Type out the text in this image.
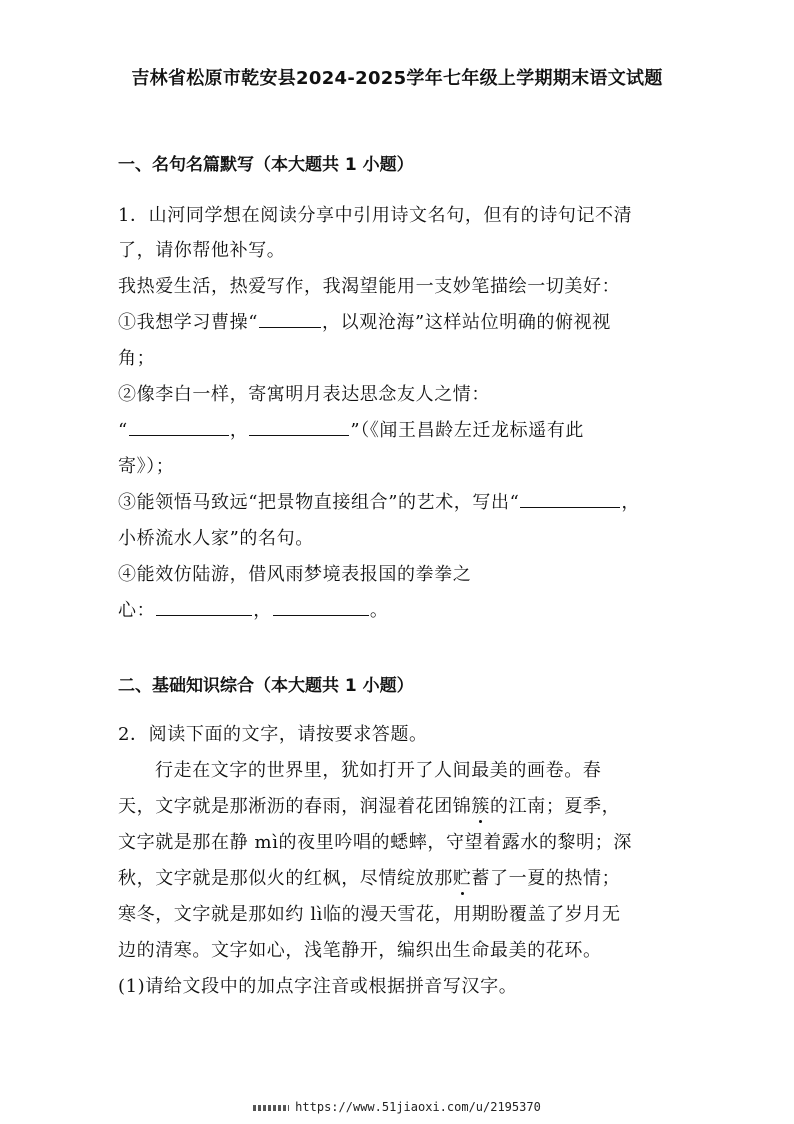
吉林省松原市乾安县2024-2025学年七年级上学期期末语文试题
一、名句名篇默写（本大题共 1 小题）
1．山河同学想在阅读分享中引用诗文名句，但有的诗句记不清
了，请你帮他补写。
我热爱生活，热爱写作，我渴望能用一支妙笔描绘一切美好：
①我想学习曹操“	，以观沧海”这样站位明确的俯视视
角；
②像李白一样，寄寓明月表达思念友人之情：
“	，	”（《闻王昌龄左迁龙标遥有此
寄》）；
③能领悟马致远“把景物直接组合”的艺术，写出“	，
小桥流水人家”的名句。
④能效仿陆游，借风雨梦境表报国的拳拳之
心：	，	。
二、基础知识综合（本大题共 1 小题）
2．阅读下面的文字，请按要求答题。
行走在文字的世界里，犹如打开了人间最美的画卷。春
天，文字就是那淅沥的春雨，润湿着花团锦簇的江南；夏季，
文字就是那在静 mì的夜里吟唱的蟋蟀，守望着露水的黎明；深
秋，文字就是那似火的红枫，尽情绽放那贮蓄了一夏的热情；
寒冬，文字就是那如约 lì临的漫天雪花，用期盼覆盖了岁月无
边的清寒。文字如心，浅笔静开，编织出生命最美的花环。
(1)请给文段中的加点字注音或根据拼音写汉字。
https://www.51jiaoxi.com/u/2195370
